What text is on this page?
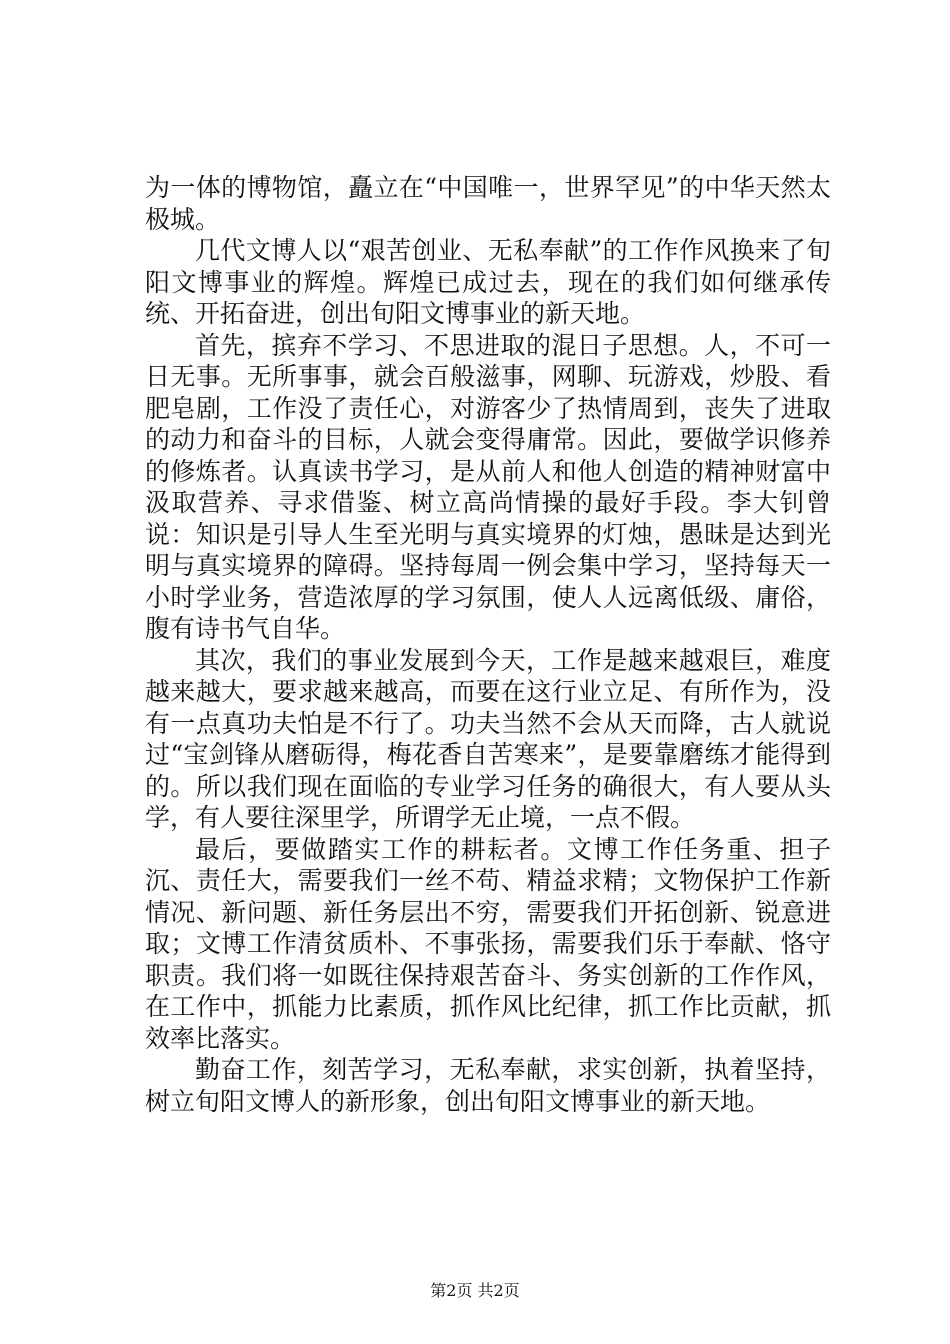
为一体的博物馆，矗立在“中国唯一，世界罕见”的中华天然太极城。

几代文博人以“艰苦创业、无私奉献”的工作作风换来了旬阳文博事业的辉煌。辉煌已成过去，现在的我们如何继承传统、开拓奋进，创出旬阳文博事业的新天地。

首先，摈弃不学习、不思进取的混日子思想。人，不可一日无事。无所事事，就会百般滋事，网聊、玩游戏，炒股、看肥皂剧，工作没了责任心，对游客少了热情周到，丧失了进取的动力和奋斗的目标，人就会变得庸常。因此，要做学识修养的修炼者。认真读书学习，是从前人和他人创造的精神财富中汲取营养、寻求借鉴、树立高尚情操的最好手段。李大钊曾说：知识是引导人生至光明与真实境界的灯烛，愚昧是达到光明与真实境界的障碍。坚持每周一例会集中学习，坚持每天一小时学业务，营造浓厚的学习氛围，使人人远离低级、庸俗，腹有诗书气自华。

其次，我们的事业发展到今天，工作是越来越艰巨，难度越来越大，要求越来越高，而要在这行业立足、有所作为，没有一点真功夫怕是不行了。功夫当然不会从天而降，古人就说过“宝剑锋从磨砺得，梅花香自苦寒来”，是要靠磨练才能得到的。所以我们现在面临的专业学习任务的确很大，有人要从头学，有人要往深里学，所谓学无止境，一点不假。

最后，要做踏实工作的耕耘者。文博工作任务重、担子沉、责任大，需要我们一丝不苟、精益求精；文物保护工作新情况、新问题、新任务层出不穷，需要我们开拓创新、锐意进取；文博工作清贫质朴、不事张扬，需要我们乐于奉献、恪守职责。我们将一如既往保持艰苦奋斗、务实创新的工作作风，在工作中，抓能力比素质，抓作风比纪律，抓工作比贡献，抓效率比落实。

勤奋工作，刻苦学习，无私奉献，求实创新，执着坚持，树立旬阳文博人的新形象，创出旬阳文博事业的新天地。

第2页 共2页
